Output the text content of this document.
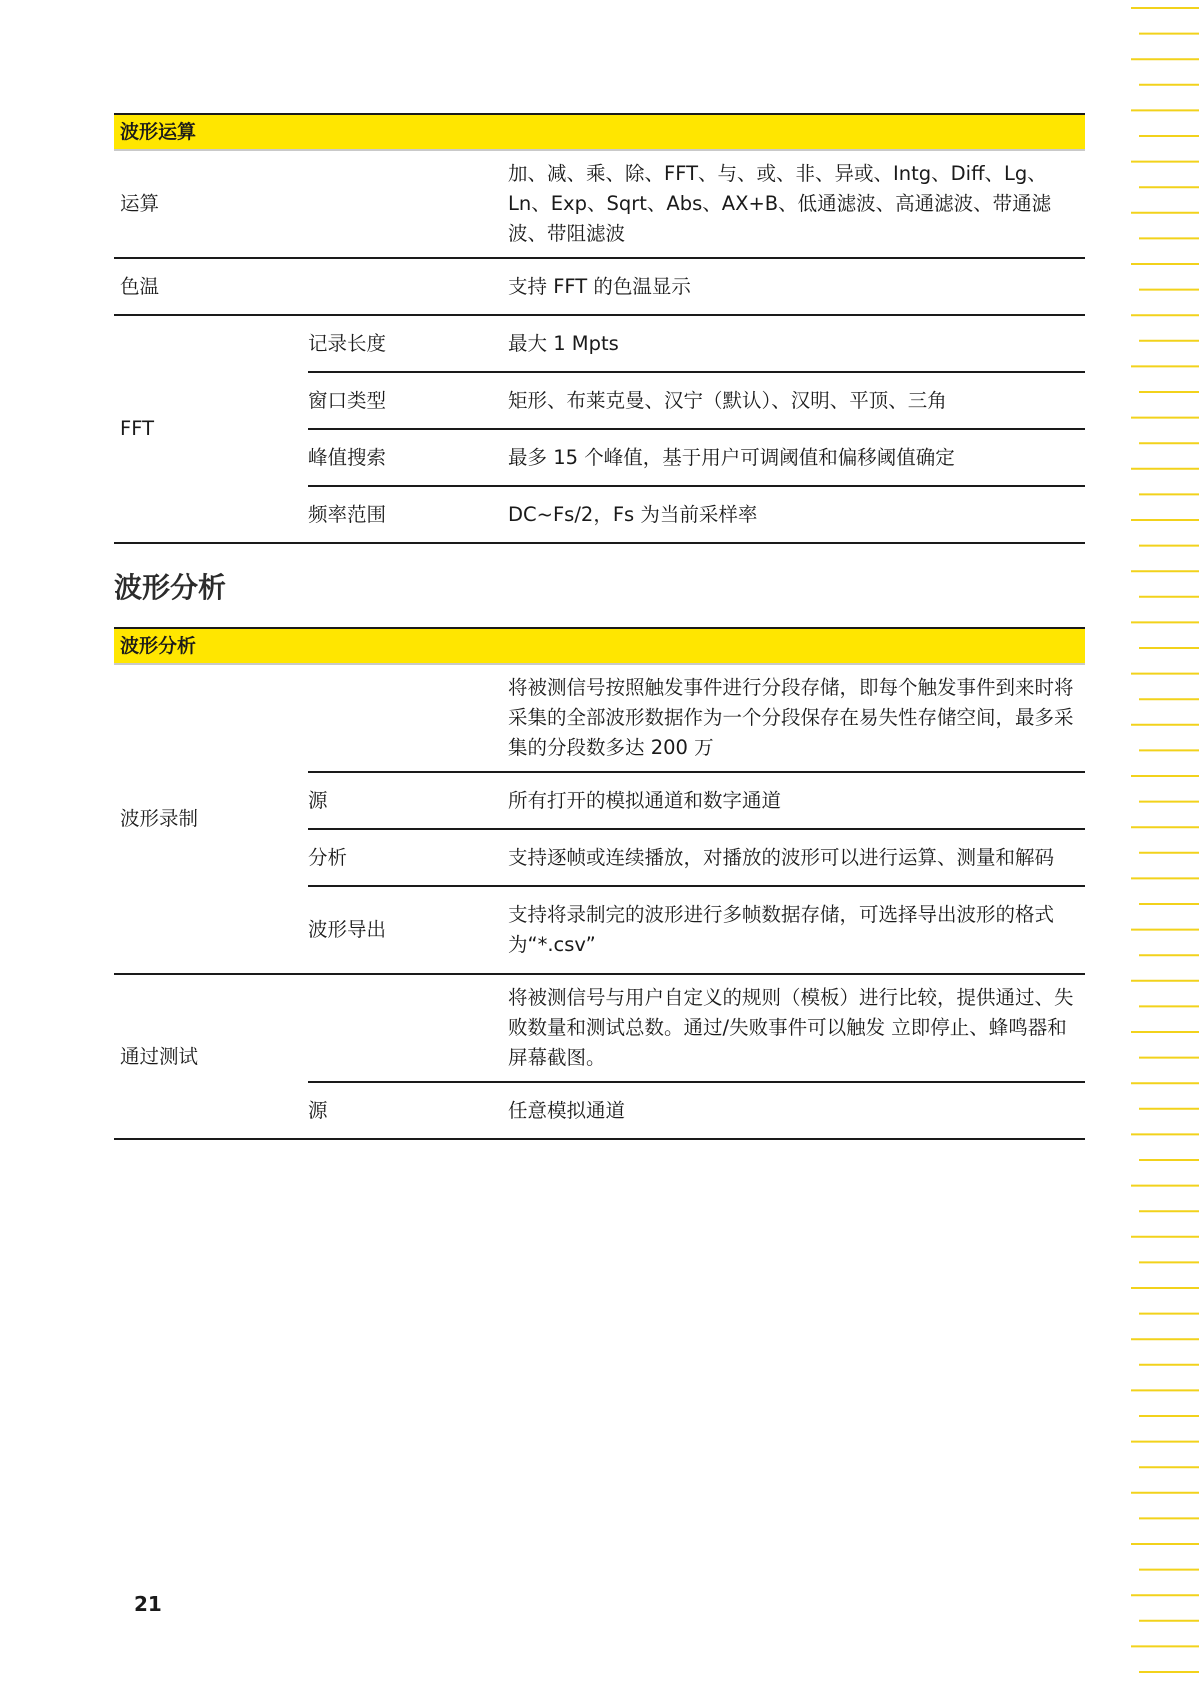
波形运算		
运算		加、减、乘、除、FFT、与、或、非、异或、Intg、Diff、Lg、Ln、Exp、Sqrt、Abs、AX+B、低通滤波、高通滤波、带通滤波、带阻滤波
色温		支持 FFT 的色温显示
FFT	记录长度	最大 1 Mpts
	窗口类型	矩形、布莱克曼、汉宁（默认）、汉明、平顶、三角
	峰值搜索	最多 15 个峰值，基于用户可调阈值和偏移阈值确定
	频率范围	DC~Fs/2，Fs 为当前采样率
波形分析
波形分析		
波形录制		将被测信号按照触发事件进行分段存储，即每个触发事件到来时将采集的全部波形数据作为一个分段保存在易失性存储空间，最多采集的分段数多达 200 万
	源	所有打开的模拟通道和数字通道
	分析	支持逐帧或连续播放，对播放的波形可以进行运算、测量和解码
	波形导出	支持将录制完的波形进行多帧数据存储，可选择导出波形的格式为“*.csv”
通过测试		将被测信号与用户自定义的规则（模板）进行比较，提供通过、失败数量和测试总数。通过/失败事件可以触发 立即停止、蜂鸣器和屏幕截图。
	源	任意模拟通道
21
